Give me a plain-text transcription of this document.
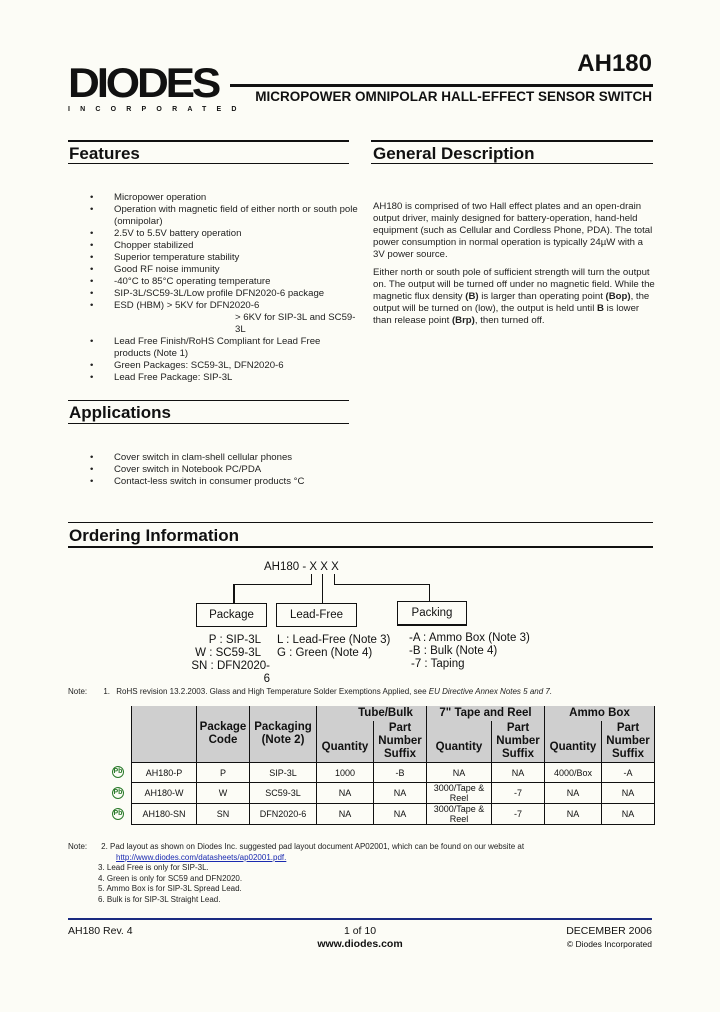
DIODES
INCORPORATED
AH180
MICROPOWER OMNIPOLAR HALL-EFFECT SENSOR SWITCH
Features
• Micropower operation
• Operation with magnetic field of either north or south pole (omnipolar)
• 2.5V to 5.5V battery operation
• Chopper stabilized
• Superior temperature stability
• Good RF noise immunity
• -40°C to 85°C operating temperature
• SIP-3L/SC59-3L/Low profile DFN2020-6 package
• ESD (HBM) > 5KV for DFN2020-6
> 6KV for SIP-3L and SC59-3L
• Lead Free Finish/RoHS Compliant for Lead Free products (Note 1)
• Green Packages: SC59-3L, DFN2020-6
• Lead Free Package: SIP-3L
General Description
AH180 is comprised of two Hall effect plates and an open-drain output driver, mainly designed for battery-operation, hand-held equipment (such as Cellular and Cordless Phone, PDA). The total power consumption in normal operation is typically 24µW with a 3V power source.
Either north or south pole of sufficient strength will turn the output on. The output will be turned off under no magnetic field. While the magnetic flux density (B) is larger than operating point (Bop), the output will be turned on (low), the output is held until B is lower than release point (Brp), then turned off.
Applications
• Cover switch in clam-shell cellular phones
• Cover switch in Notebook PC/PDA
• Contact-less switch in consumer products °C
Ordering Information
AH180 - X X X
Package	Lead-Free	Packing
P : SIP-3L
W : SC59-3L
SN : DFN2020-6
L : Lead-Free (Note 3)
G : Green (Note 4)
-A : Ammo Box (Note 3)
-B : Bulk (Note 4)
-7 : Taping
Note: 1. RoHS revision 13.2.2003. Glass and High Temperature Solder Exemptions Applied, see EU Directive Annex Notes 5 and 7.
	Package Code	Packaging (Note 2)	Tube/Bulk		7" Tape and Reel		Ammo Box	
			Quantity	Part Number Suffix	Quantity	Part Number Suffix	Quantity	Part Number Suffix
AH180-P	P	SIP-3L	1000	-B	NA	NA	4000/Box	-A
AH180-W	W	SC59-3L	NA	NA	3000/Tape & Reel	-7	NA	NA
AH180-SN	SN	DFN2020-6	NA	NA	3000/Tape & Reel	-7	NA	NA
Pb
Pb
Pb
Note: 2. Pad layout as shown on Diodes Inc. suggested pad layout document AP02001, which can be found on our website at
http://www.diodes.com/datasheets/ap02001.pdf.
3. Lead Free is only for SIP-3L.
4. Green is only for SC59 and DFN2020.
5. Ammo Box is for SIP-3L Spread Lead.
6. Bulk is for SIP-3L Straight Lead.
AH180 Rev. 4	1 of 10
www.diodes.com
DECEMBER 2006
© Diodes Incorporated
